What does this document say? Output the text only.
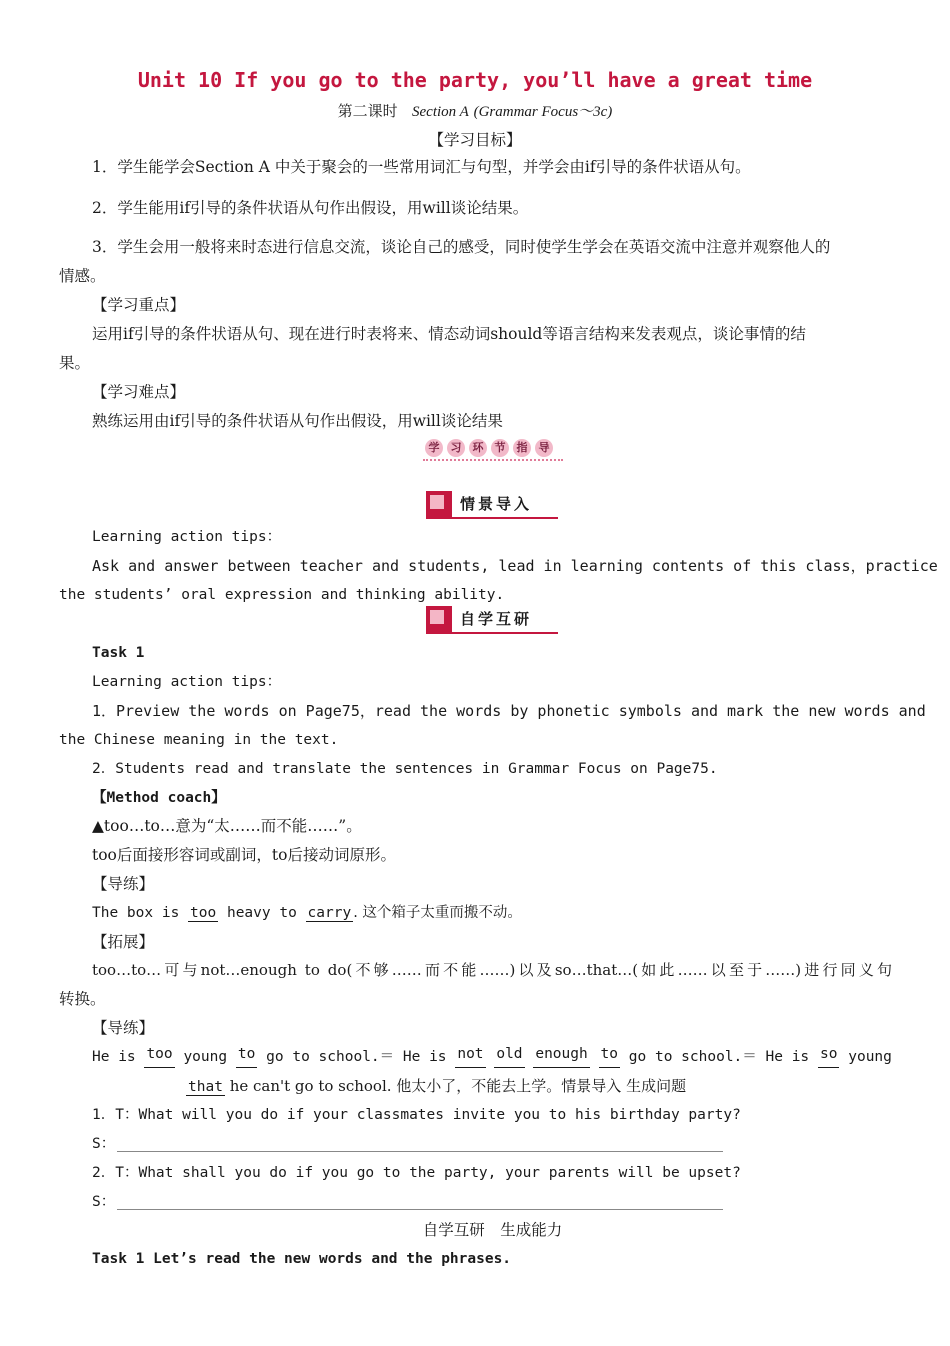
Unit 10 If you go to the party, you’ll have a great time
第二课时 Section A (Grammar Focus～3c)
【学习目标】
1．学生能学会Section A 中关于聚会的一些常用词汇与句型，并学会由if引导的条件状语从句。
2．学生能用if引导的条件状语从句作出假设，用will谈论结果。
3．学生会用一般将来时态进行信息交流，谈论自己的感受，同时使学生学会在英语交流中注意并观察他人的
情感。
【学习重点】
运用if引导的条件状语从句、现在进行时表将来、情态动词should等语言结构来发表观点，谈论事情的结
果。
【学习难点】
熟练运用由if引导的条件状语从句作出假设，用will谈论结果
学 习 环 节 指 导
情景导入
Learning action tips：
Ask and answer between teacher and students, lead in learning contents of this class，practice
the students’ oral expression and thinking ability.
自学互研
Task 1
Learning action tips：
1．Preview the words on Page75，read the words by phonetic symbols and mark the new words and
the Chinese meaning in the text.
2．Students read and translate the sentences in Grammar Focus on Page75.
【Method coach】
▲too…to…意为“太……而不能……”。
too后面接形容词或副词，to后接动词原形。
【导练】
The box is too heavy to carry . 这个箱子太重而搬不动。
【拓展】
too…to…可与not…enough to do(不够……而不能……)以及so…that…(如此……以至于……)进行同义句
转换。
【导练】
He is too young to go to school.＝ He is not old enough to go to school.＝ He is so young
that he can't go to school. 他太小了，不能去上学。情景导入 生成问题
1．T：What will you do if your classmates invite you to his birthday party?
S：
2．T：What shall you do if you go to the party, your parents will be upset?
S：
自学互研　生成能力
Task 1 Let’s read the new words and the phrases.
